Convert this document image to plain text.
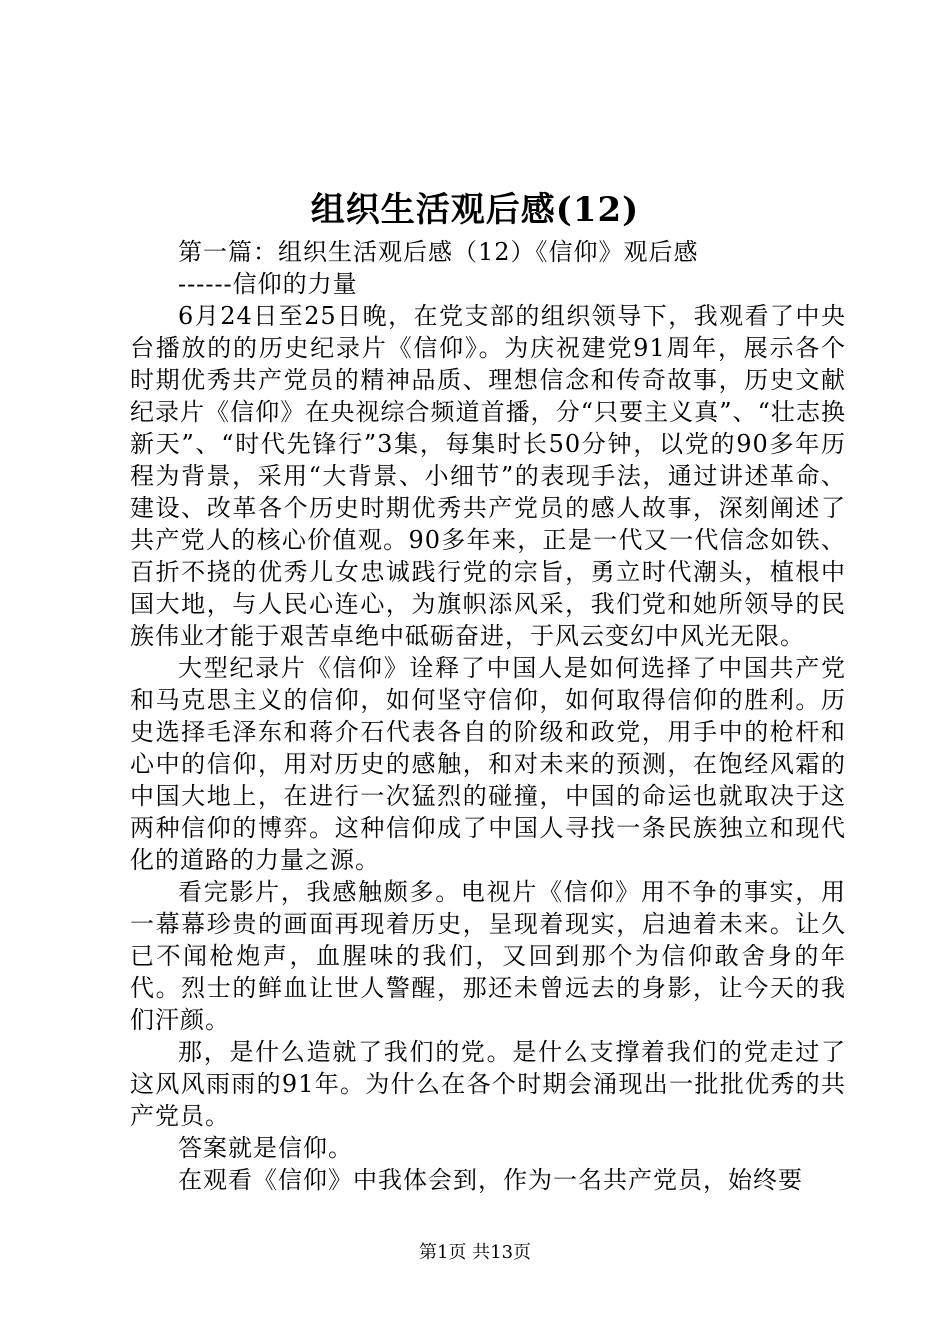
组织生活观后感(12)

第一篇：组织生活观后感（12）《信仰》观后感

------信仰的力量

6月24日至25日晚，在党支部的组织领导下，我观看了中央台播放的的历史纪录片《信仰》。为庆祝建党91周年，展示各个时期优秀共产党员的精神品质、理想信念和传奇故事，历史文献纪录片《信仰》在央视综合频道首播，分“只要主义真”、“壮志换新天”、“时代先锋行”3集，每集时长50分钟，以党的90多年历程为背景，采用“大背景、小细节”的表现手法，通过讲述革命、建设、改革各个历史时期优秀共产党员的感人故事，深刻阐述了共产党人的核心价值观。90多年来，正是一代又一代信念如铁、百折不挠的优秀儿女忠诚践行党的宗旨，勇立时代潮头，植根中国大地，与人民心连心，为旗帜添风采，我们党和她所领导的民族伟业才能于艰苦卓绝中砥砺奋进，于风云变幻中风光无限。

大型纪录片《信仰》诠释了中国人是如何选择了中国共产党和马克思主义的信仰，如何坚守信仰，如何取得信仰的胜利。历史选择毛泽东和蒋介石代表各自的阶级和政党，用手中的枪杆和心中的信仰，用对历史的感触，和对未来的预测，在饱经风霜的中国大地上，在进行一次猛烈的碰撞，中国的命运也就取决于这两种信仰的博弈。这种信仰成了中国人寻找一条民族独立和现代化的道路的力量之源。

看完影片，我感触颇多。电视片《信仰》用不争的事实，用一幕幕珍贵的画面再现着历史，呈现着现实，启迪着未来。让久已不闻枪炮声，血腥味的我们，又回到那个为信仰敢舍身的年代。烈士的鲜血让世人警醒，那还未曾远去的身影，让今天的我们汗颜。

那，是什么造就了我们的党。是什么支撑着我们的党走过了这风风雨雨的91年。为什么在各个时期会涌现出一批批优秀的共产党员。

答案就是信仰。

在观看《信仰》中我体会到，作为一名共产党员，始终要

第1页 共13页
